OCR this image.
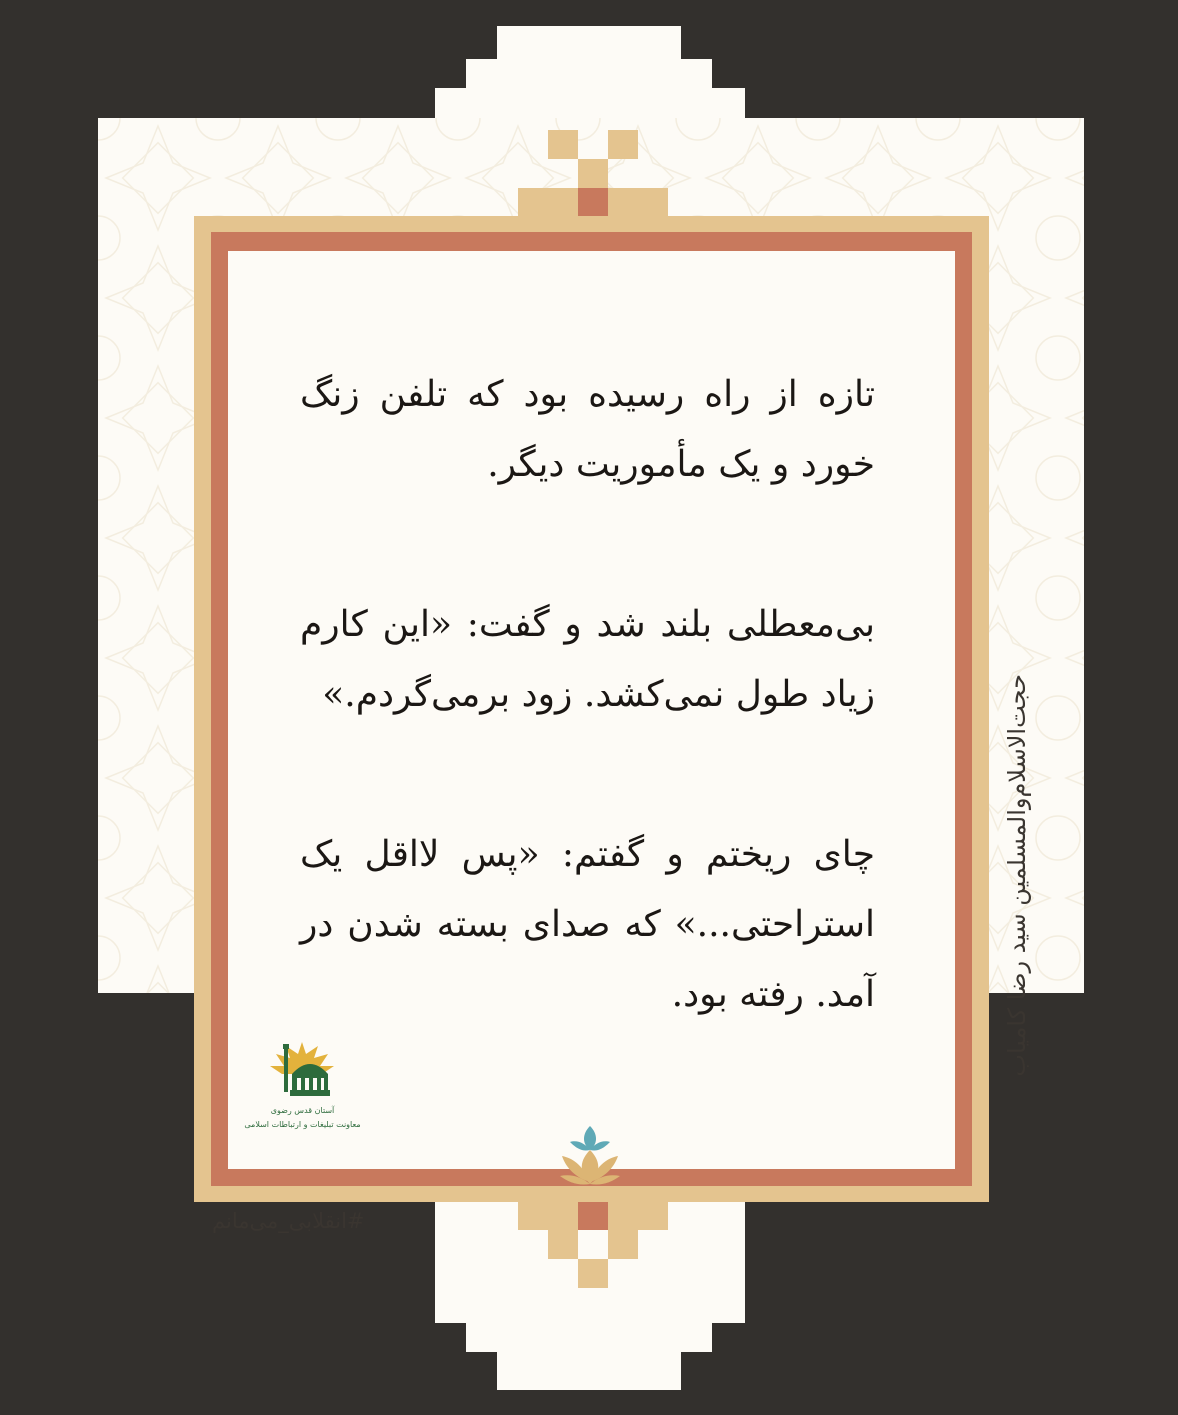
تازه از راه رسیده بود که تلفن زنگ خورد و یک مأموریت دیگر.

بی‌معطلی بلند شد و گفت: «این کارم زیاد طول نمی‌کشد. زود برمی‌گردم.»

چای ریختم و گفتم: «پس لااقل یک استراحتی...» که صدای بسته شدن در آمد. رفته بود.	حجت‌الاسلام‌والمسلمین سید رضا کامیاب
آستان قدس رضوی
معاونت تبلیغات و ارتباطات اسلامی
#انقلابی_می‌مانم
